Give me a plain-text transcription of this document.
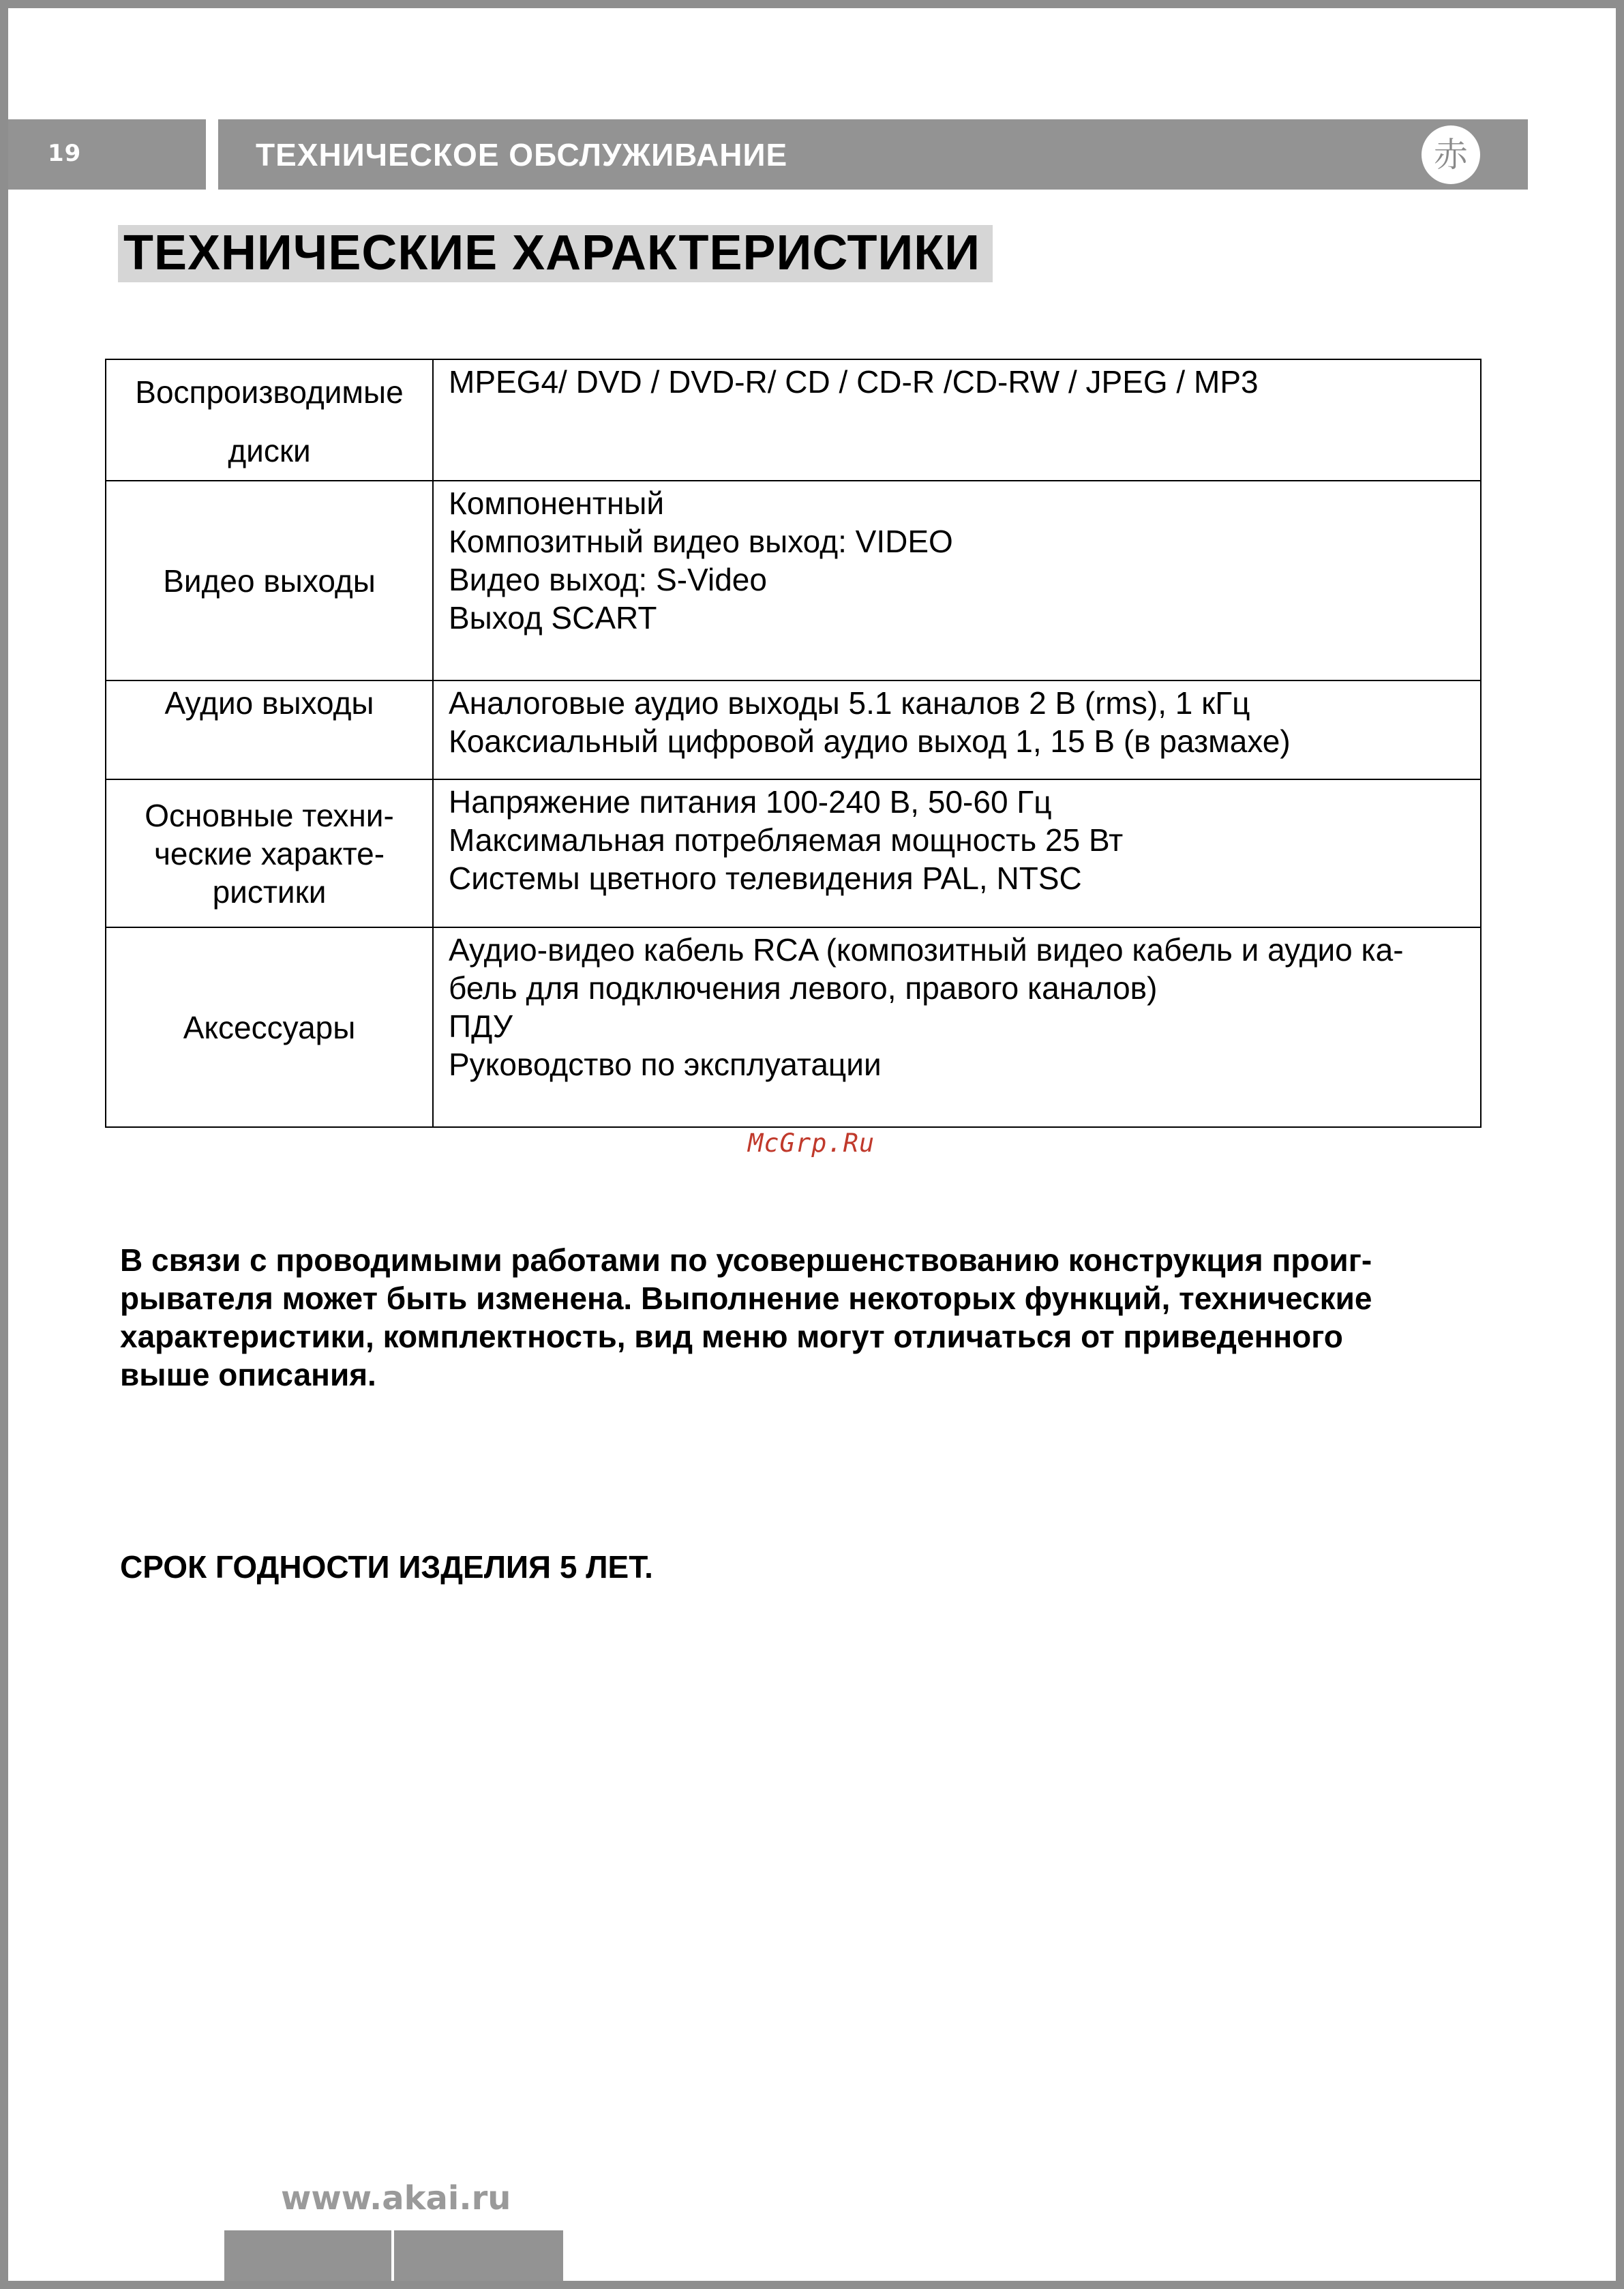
19	ТЕХНИЧЕСКОЕ ОБСЛУЖИВАНИЕ	赤
ТЕХНИЧЕСКИЕ ХАРАКТЕРИСТИКИ
Воспроизводимые
диски	MPEG4/ DVD / DVD-R/ CD / CD-R /CD-RW / JPEG / MP3

Видео выходы	Компонентный
Композитный видео выход: VIDEO
Видео выход: S-Video
Выход SCART

Аудио выходы	Аналоговые аудио выходы 5.1 каналов 2 В (rms), 1 кГц
Коаксиальный цифровой аудио выход 1, 15 В (в размахе)

Основные техни-
ческие характе-
ристики	Напряжение питания 100-240 В, 50-60 Гц
Максимальная потребляемая мощность 25 Вт
Системы цветного телевидения PAL, NTSC

Аксессуары	Аудио-видео кабель RCA (композитный видео кабель и аудио ка-
бель для подключения левого, правого каналов)
ПДУ
Руководство по эксплуатации
McGrp.Ru
В связи с проводимыми работами по усовершенствованию конструкция проиг-
рывателя может быть изменена. Выполнение некоторых функций, технические
характеристики, комплектность, вид меню могут отличаться от приведенного
выше описания.
СРОК ГОДНОСТИ ИЗДЕЛИЯ 5 ЛЕТ.
www.akai.ru
